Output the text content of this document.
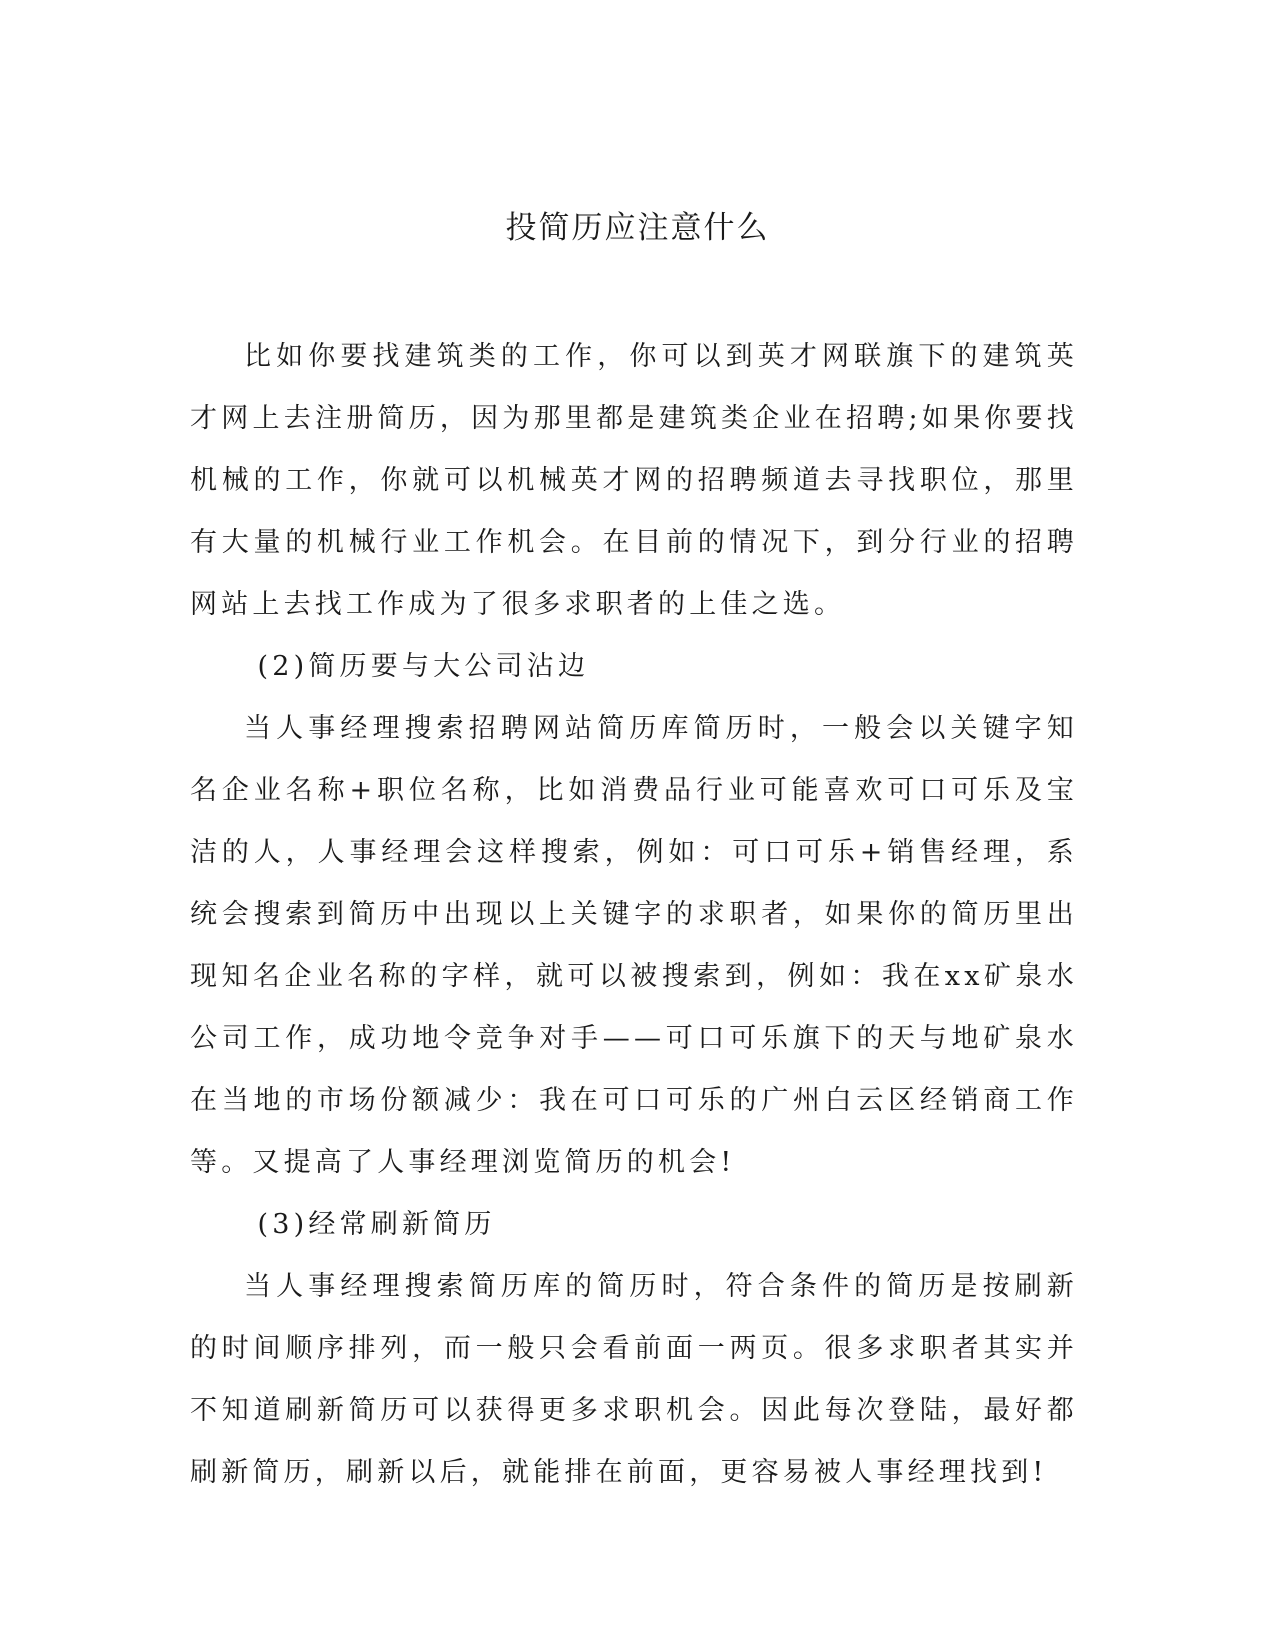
投简历应注意什么

比如你要找建筑类的工作，你可以到英才网联旗下的建筑英才网上去注册简历，因为那里都是建筑类企业在招聘;如果你要找机械的工作，你就可以机械英才网的招聘频道去寻找职位，那里有大量的机械行业工作机会。在目前的情况下，到分行业的招聘网站上去找工作成为了很多求职者的上佳之选。

(2)简历要与大公司沾边

当人事经理搜索招聘网站简历库简历时，一般会以关键字知名企业名称+职位名称，比如消费品行业可能喜欢可口可乐及宝洁的人，人事经理会这样搜索，例如：可口可乐+销售经理，系统会搜索到简历中出现以上关键字的求职者，如果你的简历里出现知名企业名称的字样，就可以被搜索到，例如：我在xx矿泉水公司工作，成功地令竞争对手——可口可乐旗下的天与地矿泉水在当地的市场份额减少：我在可口可乐的广州白云区经销商工作等。又提高了人事经理浏览简历的机会!

(3)经常刷新简历

当人事经理搜索简历库的简历时，符合条件的简历是按刷新的时间顺序排列，而一般只会看前面一两页。很多求职者其实并不知道刷新简历可以获得更多求职机会。因此每次登陆，最好都刷新简历，刷新以后，就能排在前面，更容易被人事经理找到!
